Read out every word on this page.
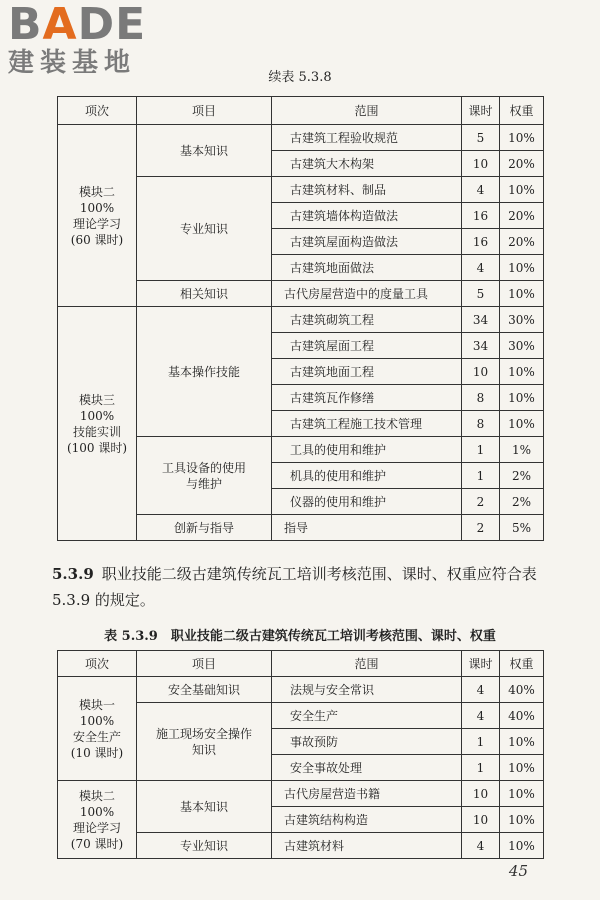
BADE
建装基地	续表 5.3.8
项次	项目	范围	课时	权重
模块二 100%
理论学习
(60 课时)	基本知识	古建筑工程验收规范	5	10%
		古建筑大木构架	10	20%
	专业知识	古建筑材料、制品	4	10%
		古建筑墙体构造做法	16	20%
		古建筑屋面构造做法	16	20%
		古建筑地面做法	4	10%
	相关知识	古代房屋营造中的度量工具	5	10%
模块三 100%
技能实训
(100 课时)	基本操作技能	古建筑砌筑工程	34	30%
		古建筑屋面工程	34	30%
		古建筑地面工程	10	10%
		古建筑瓦作修缮	8	10%
		古建筑工程施工技术管理	8	10%
	工具设备的使用
与维护	工具的使用和维护	1	1%
		机具的使用和维护	1	2%
		仪器的使用和维护	2	2%
	创新与指导	指导	2	5%
5.3.9 职业技能二级古建筑传统瓦工培训考核范围、课时、权重应符合表 5.3.9 的规定。
表 5.3.9　职业技能二级古建筑传统瓦工培训考核范围、课时、权重
项次	项目	范围	课时	权重
模块一 100%
安全生产
(10 课时)	安全基础知识	法规与安全常识	4	40%
	施工现场安全操作
知识	安全生产	4	40%
		事故预防	1	10%
		安全事故处理	1	10%
模块二 100%
理论学习
(70 课时)	基本知识	古代房屋营造书籍	10	10%
		古建筑结构构造	10	10%
	专业知识	古建筑材料	4	10%
45
